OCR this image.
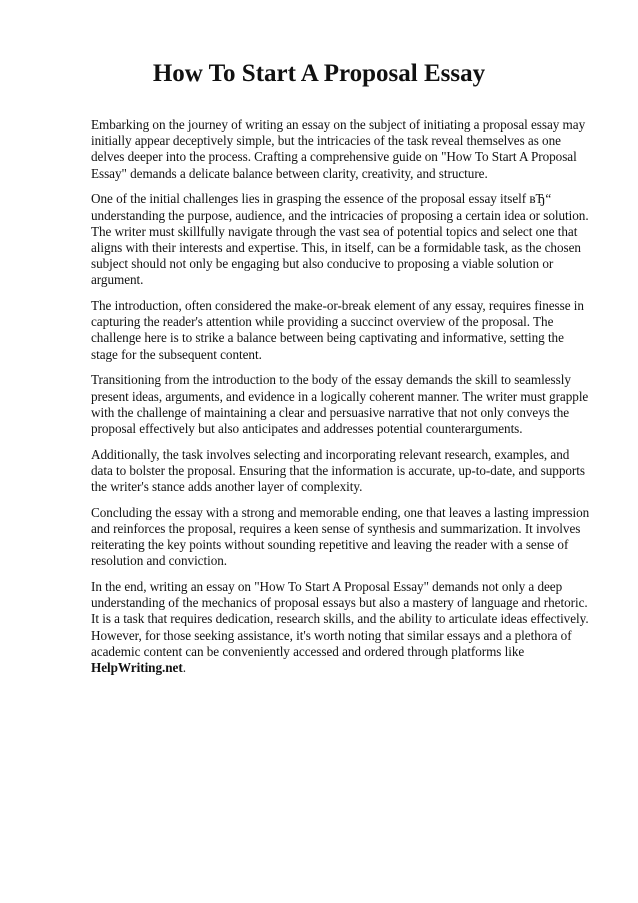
How To Start A Proposal Essay

Embarking on the journey of writing an essay on the subject of initiating a proposal essay may initially appear deceptively simple, but the intricacies of the task reveal themselves as one delves deeper into the process. Crafting a comprehensive guide on "How To Start A Proposal Essay" demands a delicate balance between clarity, creativity, and structure.

One of the initial challenges lies in grasping the essence of the proposal essay itself вЂ“ understanding the purpose, audience, and the intricacies of proposing a certain idea or solution. The writer must skillfully navigate through the vast sea of potential topics and select one that aligns with their interests and expertise. This, in itself, can be a formidable task, as the chosen subject should not only be engaging but also conducive to proposing a viable solution or argument.

The introduction, often considered the make-or-break element of any essay, requires finesse in capturing the reader's attention while providing a succinct overview of the proposal. The challenge here is to strike a balance between being captivating and informative, setting the stage for the subsequent content.

Transitioning from the introduction to the body of the essay demands the skill to seamlessly present ideas, arguments, and evidence in a logically coherent manner. The writer must grapple with the challenge of maintaining a clear and persuasive narrative that not only conveys the proposal effectively but also anticipates and addresses potential counterarguments.

Additionally, the task involves selecting and incorporating relevant research, examples, and data to bolster the proposal. Ensuring that the information is accurate, up-to-date, and supports the writer's stance adds another layer of complexity.

Concluding the essay with a strong and memorable ending, one that leaves a lasting impression and reinforces the proposal, requires a keen sense of synthesis and summarization. It involves reiterating the key points without sounding repetitive and leaving the reader with a sense of resolution and conviction.

In the end, writing an essay on "How To Start A Proposal Essay" demands not only a deep understanding of the mechanics of proposal essays but also a mastery of language and rhetoric. It is a task that requires dedication, research skills, and the ability to articulate ideas effectively. However, for those seeking assistance, it's worth noting that similar essays and a plethora of academic content can be conveniently accessed and ordered through platforms like
HelpWriting.net.
